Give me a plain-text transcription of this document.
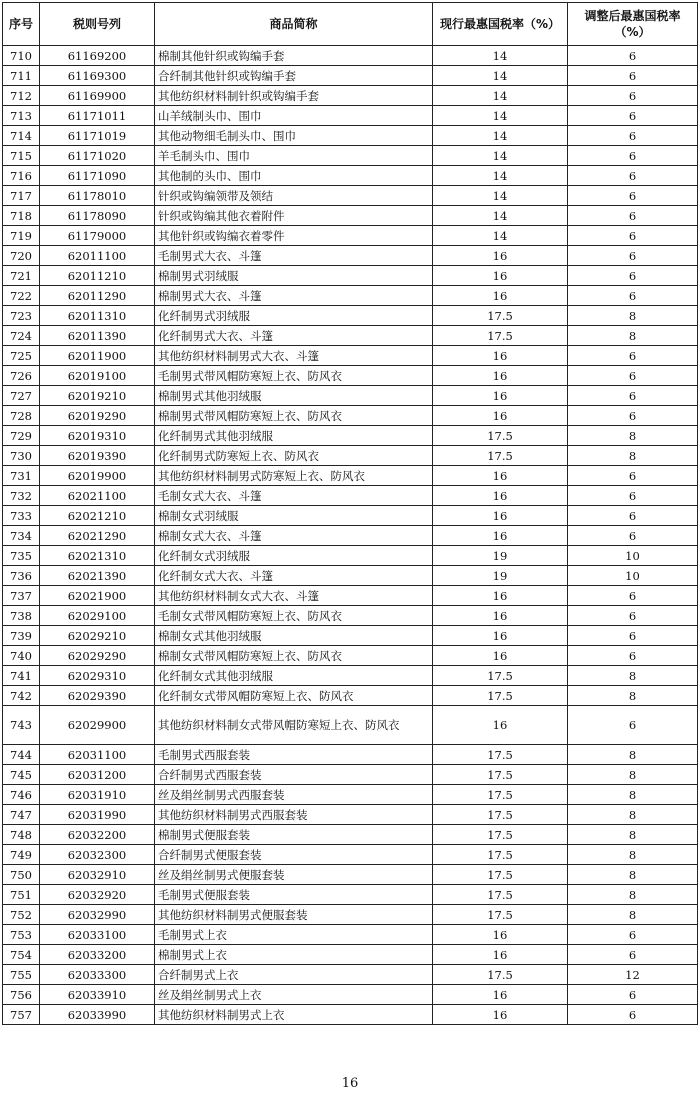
序号	税则号列	商品简称	现行最惠国税率（%）	调整后最惠国税率
（%）
710	61169200	棉制其他针织或钩编手套	14	6
711	61169300	合纤制其他针织或钩编手套	14	6
712	61169900	其他纺织材料制针织或钩编手套	14	6
713	61171011	山羊绒制头巾、围巾	14	6
714	61171019	其他动物细毛制头巾、围巾	14	6
715	61171020	羊毛制头巾、围巾	14	6
716	61171090	其他制的头巾、围巾	14	6
717	61178010	针织或钩编领带及领结	14	6
718	61178090	针织或钩编其他衣着附件	14	6
719	61179000	其他针织或钩编衣着零件	14	6
720	62011100	毛制男式大衣、斗篷	16	6
721	62011210	棉制男式羽绒服	16	6
722	62011290	棉制男式大衣、斗篷	16	6
723	62011310	化纤制男式羽绒服	17.5	8
724	62011390	化纤制男式大衣、斗篷	17.5	8
725	62011900	其他纺织材料制男式大衣、斗篷	16	6
726	62019100	毛制男式带风帽防寒短上衣、防风衣	16	6
727	62019210	棉制男式其他羽绒服	16	6
728	62019290	棉制男式带风帽防寒短上衣、防风衣	16	6
729	62019310	化纤制男式其他羽绒服	17.5	8
730	62019390	化纤制男式防寒短上衣、防风衣	17.5	8
731	62019900	其他纺织材料制男式防寒短上衣、防风衣	16	6
732	62021100	毛制女式大衣、斗篷	16	6
733	62021210	棉制女式羽绒服	16	6
734	62021290	棉制女式大衣、斗篷	16	6
735	62021310	化纤制女式羽绒服	19	10
736	62021390	化纤制女式大衣、斗篷	19	10
737	62021900	其他纺织材料制女式大衣、斗篷	16	6
738	62029100	毛制女式带风帽防寒短上衣、防风衣	16	6
739	62029210	棉制女式其他羽绒服	16	6
740	62029290	棉制女式带风帽防寒短上衣、防风衣	16	6
741	62029310	化纤制女式其他羽绒服	17.5	8
742	62029390	化纤制女式带风帽防寒短上衣、防风衣	17.5	8
743	62029900	其他纺织材料制女式带风帽防寒短上衣、防风衣	16	6
744	62031100	毛制男式西服套装	17.5	8
745	62031200	合纤制男式西服套装	17.5	8
746	62031910	丝及绢丝制男式西服套装	17.5	8
747	62031990	其他纺织材料制男式西服套装	17.5	8
748	62032200	棉制男式便服套装	17.5	8
749	62032300	合纤制男式便服套装	17.5	8
750	62032910	丝及绢丝制男式便服套装	17.5	8
751	62032920	毛制男式便服套装	17.5	8
752	62032990	其他纺织材料制男式便服套装	17.5	8
753	62033100	毛制男式上衣	16	6
754	62033200	棉制男式上衣	16	6
755	62033300	合纤制男式上衣	17.5	12
756	62033910	丝及绢丝制男式上衣	16	6
757	62033990	其他纺织材料制男式上衣	16	6
16
